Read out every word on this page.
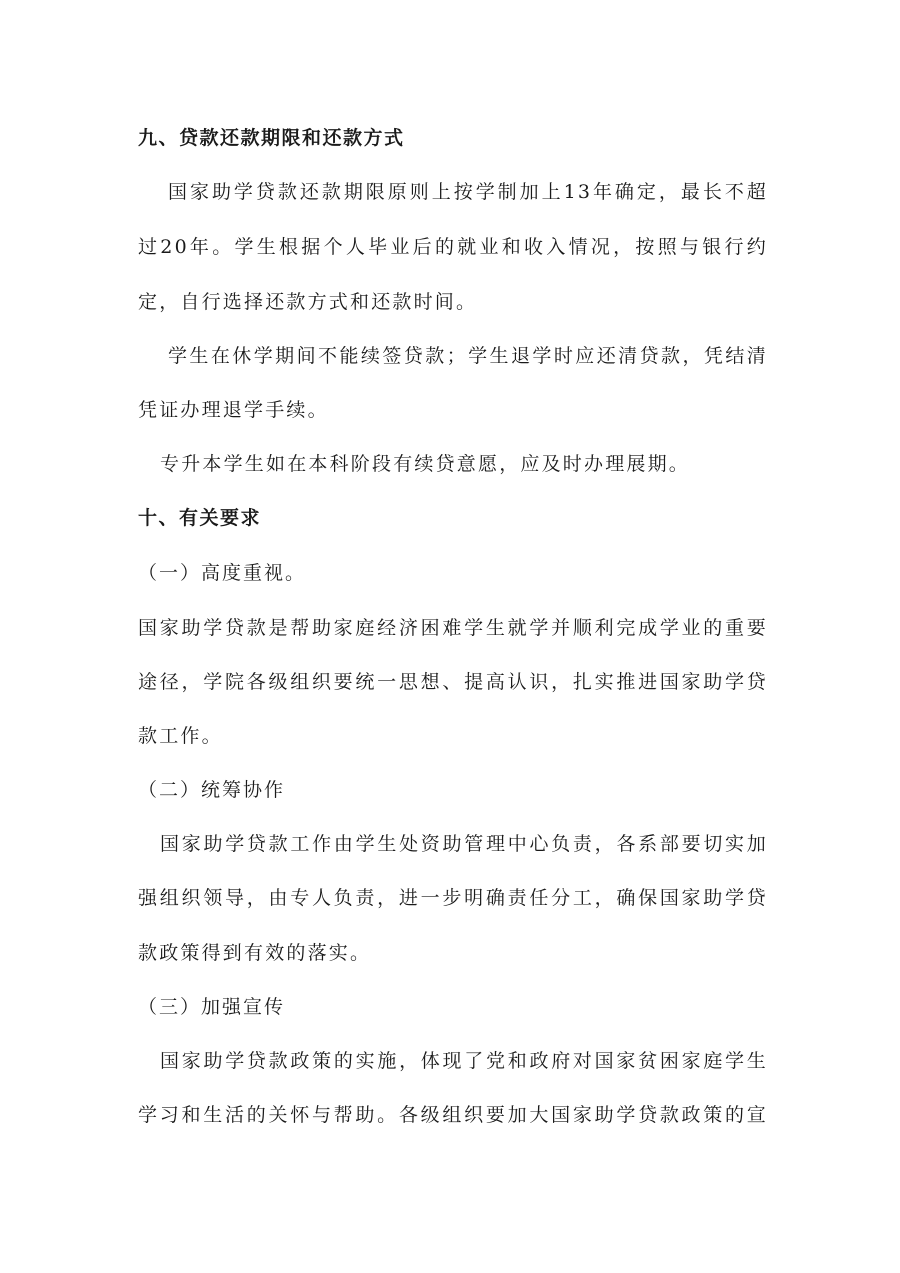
九、贷款还款期限和还款方式
国家助学贷款还款期限原则上按学制加上13年确定，最长不超
过20年。学生根据个人毕业后的就业和收入情况，按照与银行约
定，自行选择还款方式和还款时间。
学生在休学期间不能续签贷款；学生退学时应还清贷款，凭结清
凭证办理退学手续。
专升本学生如在本科阶段有续贷意愿，应及时办理展期。
十、有关要求
（一）高度重视。
国家助学贷款是帮助家庭经济困难学生就学并顺利完成学业的重要
途径，学院各级组织要统一思想、提高认识，扎实推进国家助学贷
款工作。
（二）统筹协作
国家助学贷款工作由学生处资助管理中心负责，各系部要切实加
强组织领导，由专人负责，进一步明确责任分工，确保国家助学贷
款政策得到有效的落实。
（三）加强宣传
国家助学贷款政策的实施，体现了党和政府对国家贫困家庭学生
学习和生活的关怀与帮助。各级组织要加大国家助学贷款政策的宣
